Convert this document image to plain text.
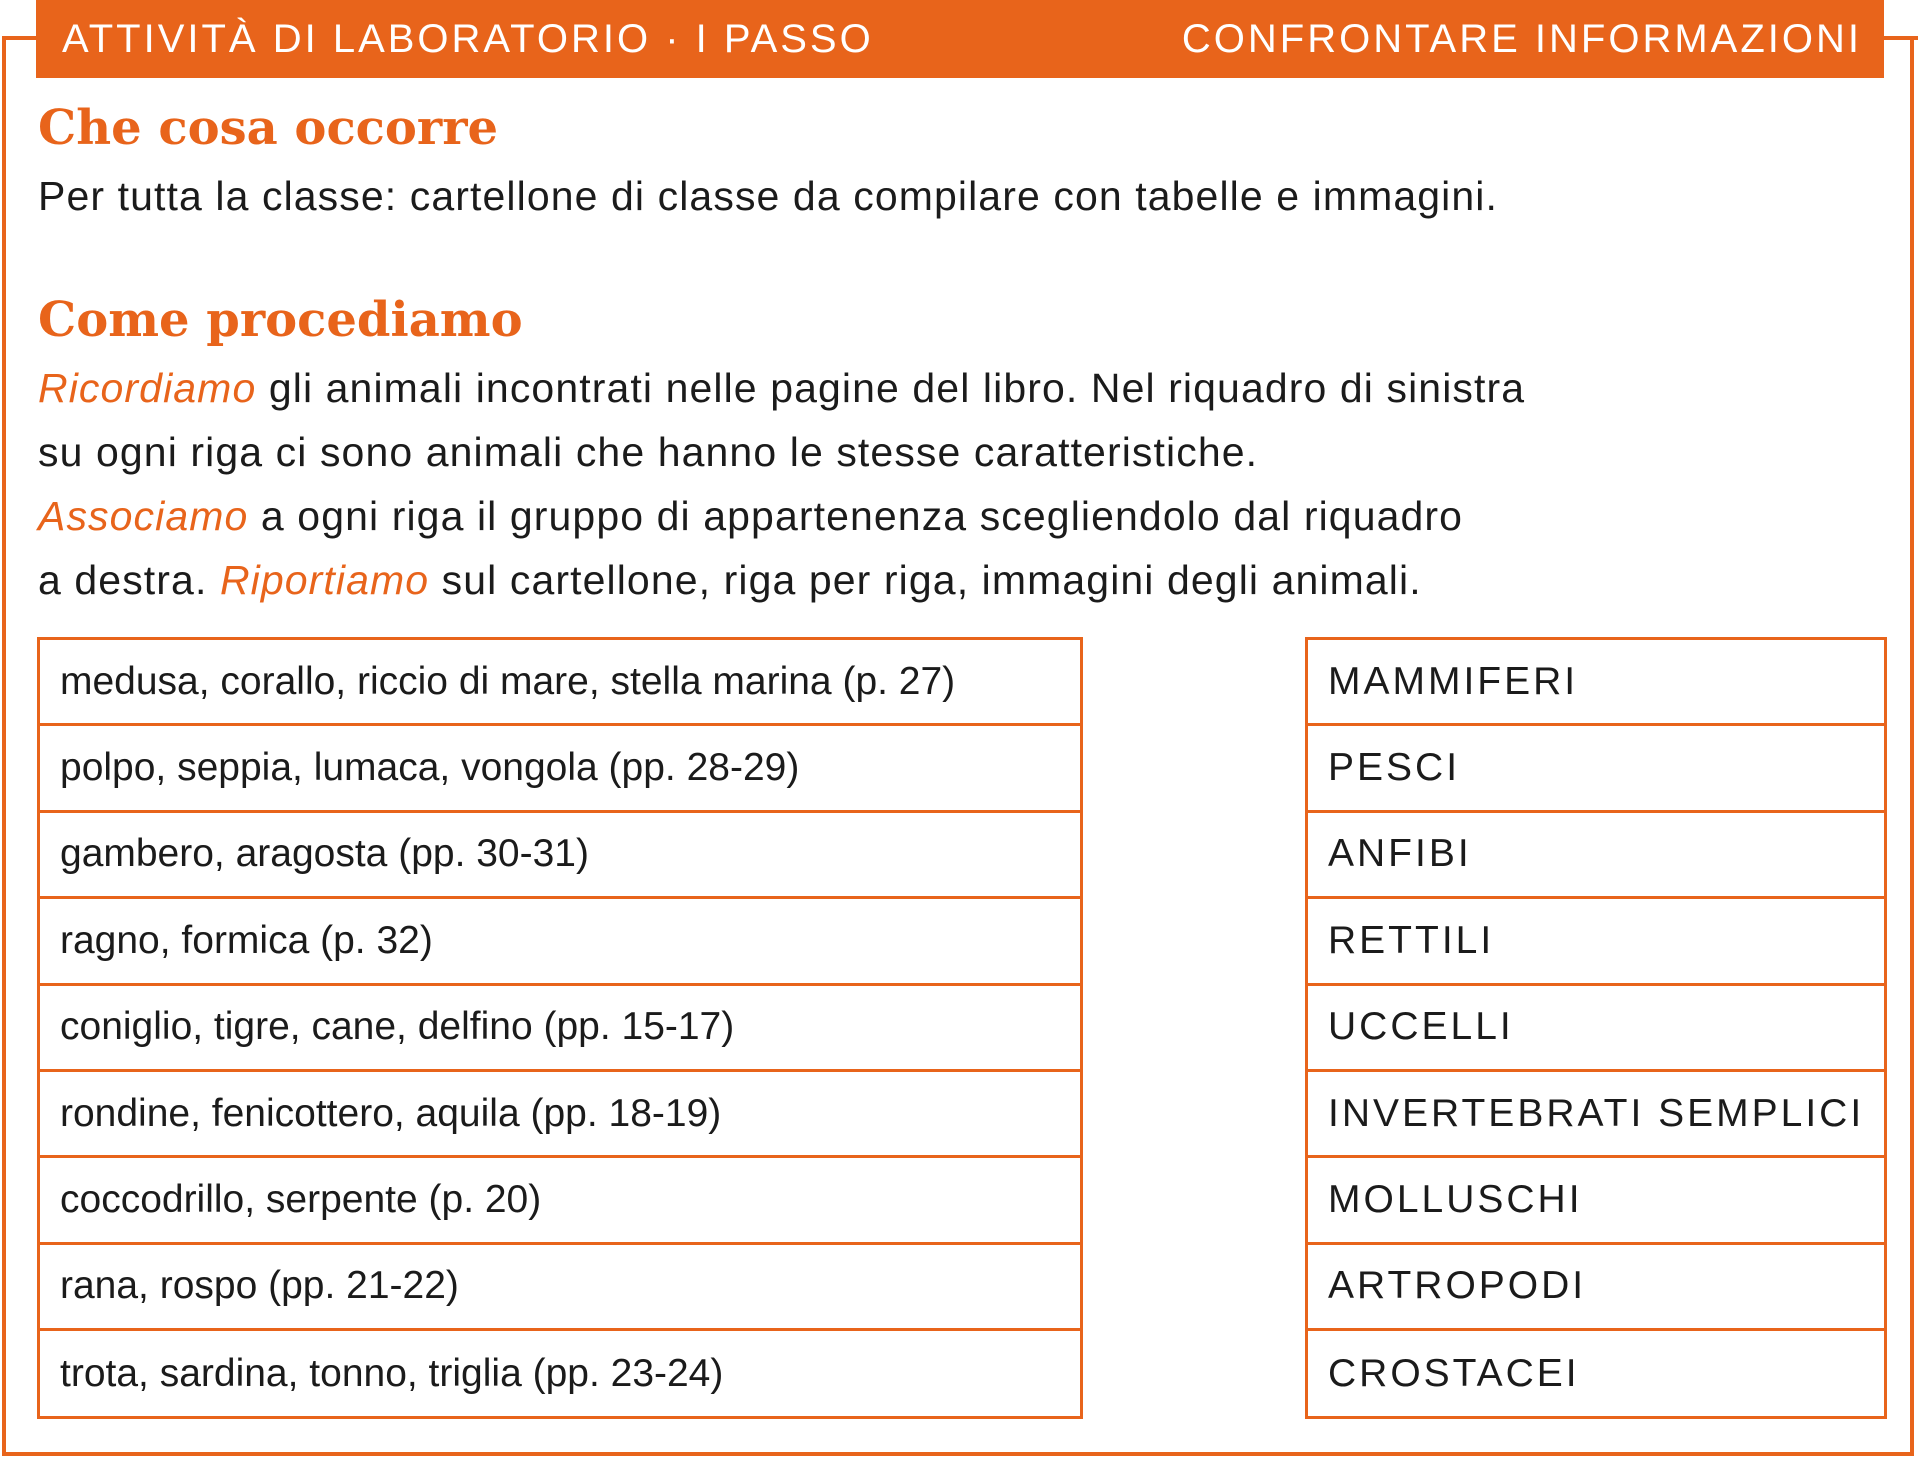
ATTIVITÀ DI LABORATORIO · I PASSO	CONFRONTARE INFORMAZIONI
Che cosa occorre
Per tutta la classe: cartellone di classe da compilare con tabelle e immagini.
Come procediamo
Ricordiamo gli animali incontrati nelle pagine del libro. Nel riquadro di sinistra
su ogni riga ci sono animali che hanno le stesse caratteristiche.
Associamo a ogni riga il gruppo di appartenenza scegliendolo dal riquadro
a destra. Riportiamo sul cartellone, riga per riga, immagini degli animali.
medusa, corallo, riccio di mare, stella marina (p. 27)
polpo, seppia, lumaca, vongola (pp. 28-29)
gambero, aragosta (pp. 30-31)
ragno, formica (p. 32)
coniglio, tigre, cane, delfino (pp. 15-17)
rondine, fenicottero, aquila (pp. 18-19)
coccodrillo, serpente (p. 20)
rana, rospo (pp. 21-22)
trota, sardina, tonno, triglia (pp. 23-24)
MAMMIFERI
PESCI
ANFIBI
RETTILI
UCCELLI
INVERTEBRATI SEMPLICI
MOLLUSCHI
ARTROPODI
CROSTACEI
